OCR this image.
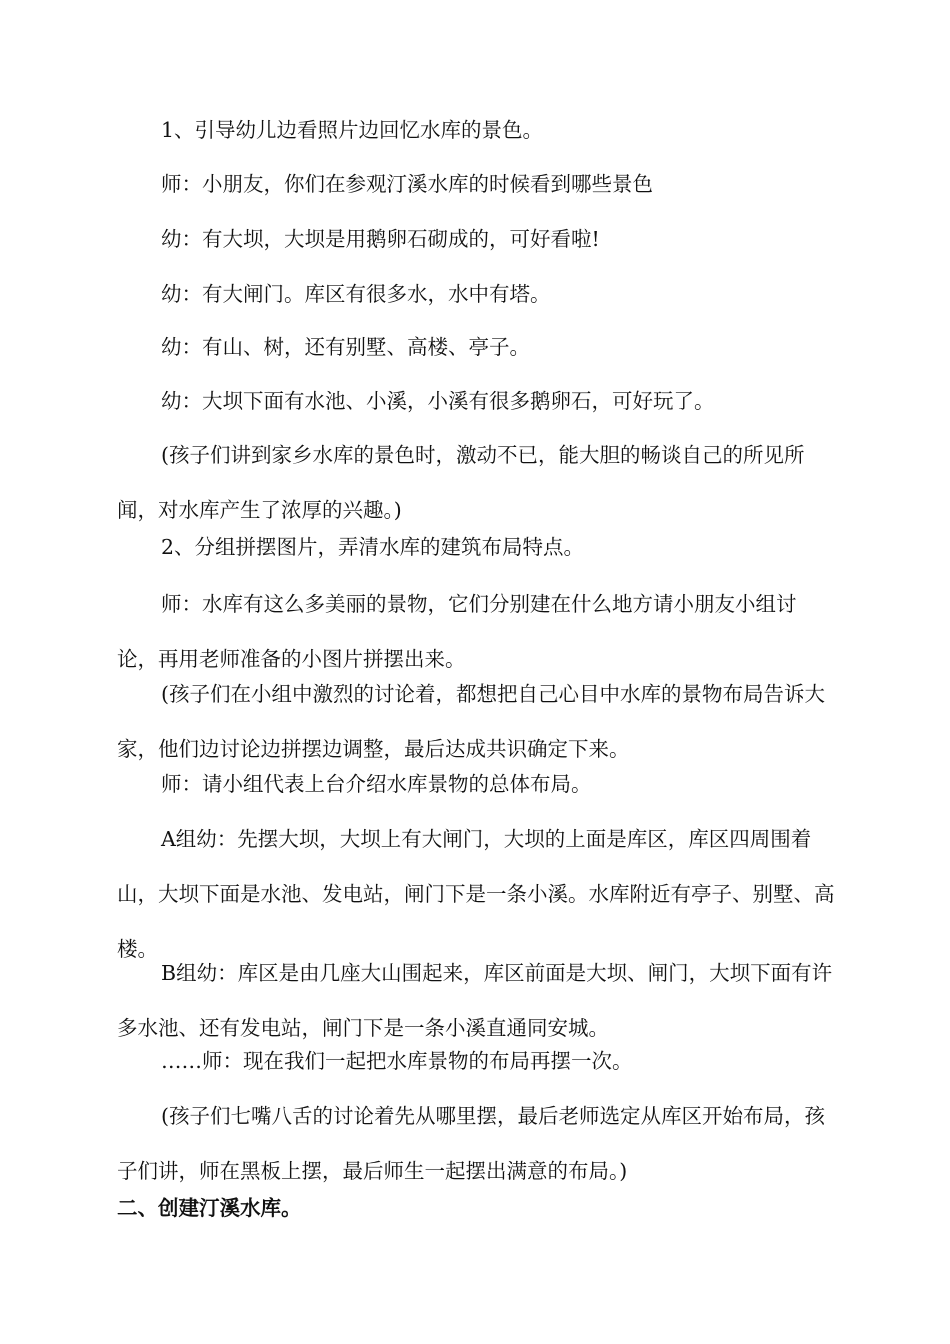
1、引导幼儿边看照片边回忆水库的景色。

师：小朋友，你们在参观汀溪水库的时候看到哪些景色

幼：有大坝，大坝是用鹅卵石砌成的，可好看啦!

幼：有大闸门。库区有很多水，水中有塔。

幼：有山、树，还有别墅、高楼、亭子。

幼：大坝下面有水池、小溪，小溪有很多鹅卵石，可好玩了。

(孩子们讲到家乡水库的景色时，激动不已，能大胆的畅谈自己的所见所闻，对水库产生了浓厚的兴趣。)

2、分组拼摆图片，弄清水库的建筑布局特点。

师：水库有这么多美丽的景物，它们分别建在什么地方请小朋友小组讨论，再用老师准备的小图片拼摆出来。

(孩子们在小组中激烈的讨论着，都想把自己心目中水库的景物布局告诉大家，他们边讨论边拼摆边调整，最后达成共识确定下来。

师：请小组代表上台介绍水库景物的总体布局。

A组幼：先摆大坝，大坝上有大闸门，大坝的上面是库区，库区四周围着山，大坝下面是水池、发电站，闸门下是一条小溪。水库附近有亭子、别墅、高楼。

B组幼：库区是由几座大山围起来，库区前面是大坝、闸门，大坝下面有许多水池、还有发电站，闸门下是一条小溪直通同安城。

……师：现在我们一起把水库景物的布局再摆一次。

(孩子们七嘴八舌的讨论着先从哪里摆，最后老师选定从库区开始布局，孩子们讲，师在黑板上摆，最后师生一起摆出满意的布局。)

二、创建汀溪水库。
